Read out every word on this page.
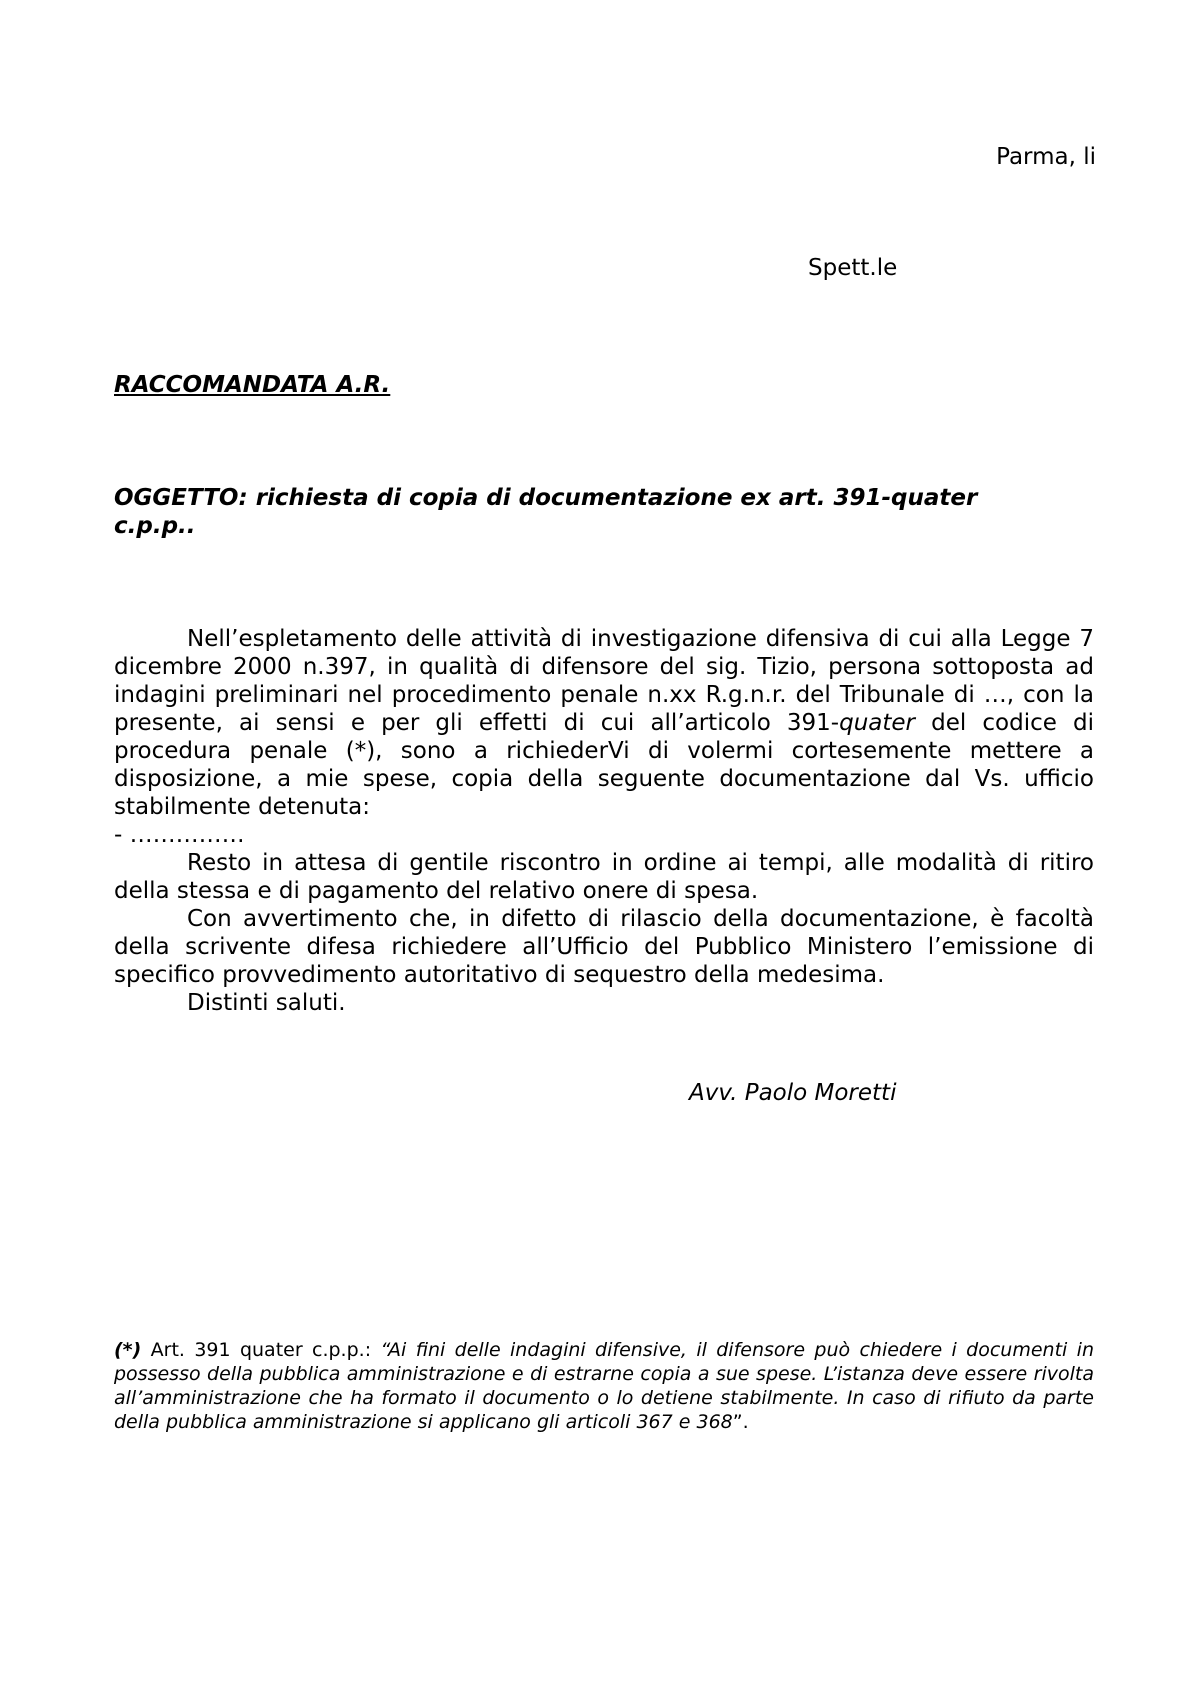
Parma, li
Spett.le
RACCOMANDATA A.R.
OGGETTO: richiesta di copia di documentazione ex art. 391-quater c.p.p..

Nell’espletamento delle attività di investigazione difensiva di cui alla Legge 7 dicembre 2000 n.397, in qualità di difensore del sig. Tizio, persona sottoposta ad indagini preliminari nel procedimento penale n.xx R.g.n.r. del Tribunale di …, con la presente, ai sensi e per gli effetti di cui all’articolo 391-quater del codice di procedura penale (*), sono a richiederVi di volermi cortesemente mettere a disposizione, a mie spese, copia della seguente documentazione dal Vs. ufficio stabilmente detenuta:

- ……………

Resto in attesa di gentile riscontro in ordine ai tempi, alle modalità di ritiro della stessa e di pagamento del relativo onere di spesa.

Con avvertimento che, in difetto di rilascio della documentazione, è facoltà della scrivente difesa richiedere all’Ufficio del Pubblico Ministero l’emissione di specifico provvedimento autoritativo di sequestro della medesima.

Distinti saluti.

Avv. Paolo Moretti
(*) Art. 391 quater c.p.p.: “Ai fini delle indagini difensive, il difensore può chiedere i documenti in possesso della pubblica amministrazione e di estrarne copia a sue spese. L’istanza deve essere rivolta all’amministrazione che ha formato il documento o lo detiene stabilmente. In caso di rifiuto da parte della pubblica amministrazione si applicano gli articoli 367 e 368”.
